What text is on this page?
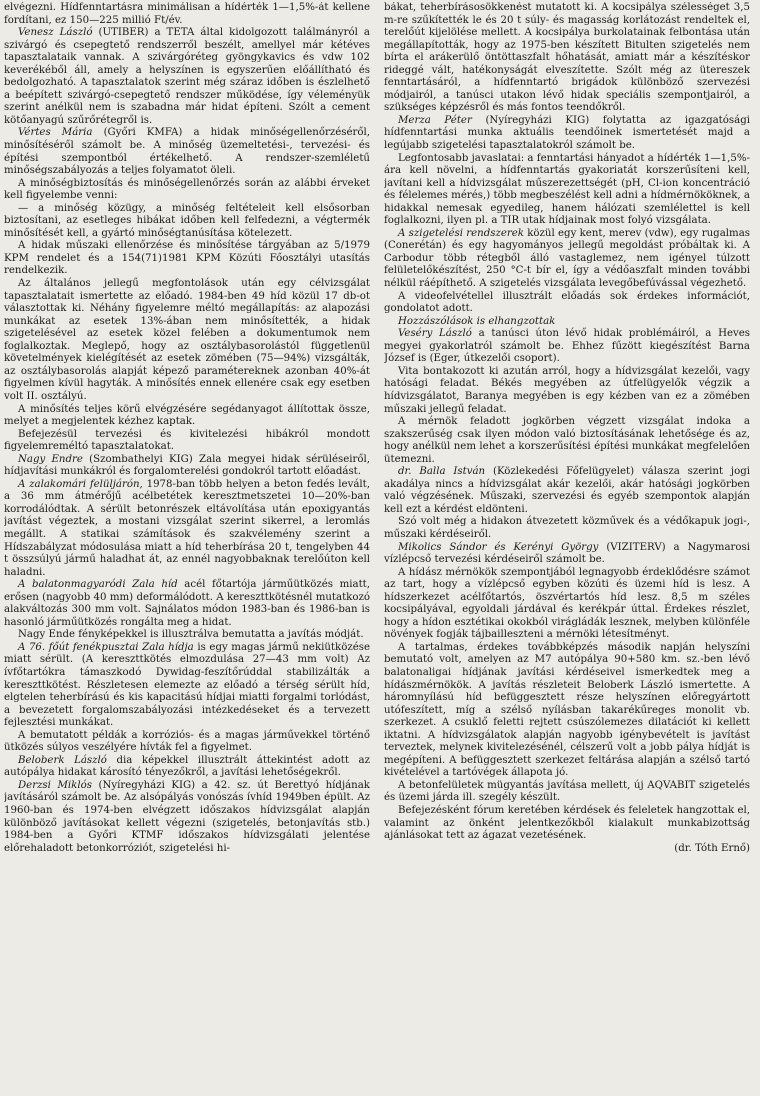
elvégezni. Hídfenntartásra minimálisan a hídérték 1—1,5%-át kellene fordítani, ez 150—225 millió Ft/év.

Venesz László (UTIBER) a TETA által kidolgozott találmányról a szivárgó és csepegtető rendszerről beszélt, amellyel már kétéves tapasztalataik vannak. A szivárgóréteg gyöngykavics és vdw 102 keverékéből áll, amely a helyszínen is egyszerűen előállítható és bedolgozható. A tapasztalatok szerint még száraz időben is észlelhető a beépített szivárgó-csepegtető rendszer működése, így véleményük szerint anélkül nem is szabadna már hidat építeni. Szólt a cement kötőanyagú szűrőrétegről is.

Vértes Mária (Győri KMFA) a hidak minőségellenőrzéséről, minősítéséről számolt be. A minőség üzemeltetési-, tervezési- és építési szempontból értékelhető. A rendszer-szemléletű minőségszabályozás a teljes folyamatot öleli.

A minőségbiztosítás és minőségellenőrzés során az alábbi érveket kell figyelembe venni:

— a minőség közügy, a minőség feltételeit kell elsősorban biztosítani, az esetleges hibákat időben kell felfedezni, a végtermék minősítését kell, a gyártó minőségtanúsítása kötelezett.

A hidak műszaki ellenőrzése és minősítése tárgyában az 5/1979 KPM rendelet és a 154(71)1981 KPM Közúti Főosztályi utasítás rendelkezik.

Az általános jellegű megfontolások után egy célvizsgálat tapasztalatait ismertette az előadó. 1984-ben 49 híd közül 17 db-ot választottak ki. Néhány figyelemre méltó megállapítás: az alapozási munkákat az esetek 13%-ában nem minősítették, a hidak szigetelésével az esetek közel felében a dokumentumok nem foglalkoztak. Meglepő, hogy az osztálybasorolástól függetlenül követelmények kielégítését az esetek zömében (75—94%) vizsgálták, az osztálybasorolás alapját képező paramétereknek azonban 40%-át figyelmen kívül hagyták. A minősítés ennek ellenére csak egy esetben volt II. osztályú.

A minősítés teljes körű elvégzésére segédanyagot állítottak össze, melyet a megjelentek kézhez kaptak.

Befejezésül tervezési és kivitelezési hibákról mondott figyelemreméltó tapasztalatokat.

Nagy Endre (Szombathelyi KIG) Zala megyei hidak sérüléseiről, hídjavítási munkákról és forgalomterelési gondokról tartott előadást.

A zalakomári felüljárón, 1978-ban több helyen a beton fedés levált, a 36 mm átmérőjű acélbetétek keresztmetszetei 10—20%-ban korrodálódtak. A sérült betonrészek eltávolítása után epoxigyantás javítást végeztek, a mostani vizsgálat szerint sikerrel, a leromlás megállt. A statikai számítások és szakvélemény szerint a Hídszabályzat módosulása miatt a híd teherbírása 20 t, tengelyben 44 t összsúlyú jármű haladhat át, az ennél nagyobbaknak terelőúton kell haladni.

A balatonmagyaródi Zala híd acél főtartója járműütközés miatt, erősen (nagyobb 40 mm) deformálódott. A kereszttkötésnél mutatkozó alakváltozás 300 mm volt. Sajnálatos módon 1983-ban és 1986-ban is hasonló járműütközés rongálta meg a hidat.

Nagy Ende fényképekkel is illusztrálva bemutatta a javítás módját.

A 76. főút fenékpusztai Zala hídja is egy magas jármű nekiütközése miatt sérült. (A kereszttkötés elmozdulása 27—43 mm volt) Az ívfőtartókra támaszkodó Dywidag-feszítőrúddal stabilizálták a kereszttkötést. Részletesen elemezte az előadó a térség sérült híd, elgtelen teherbírású és kis kapacitású hídjai miatti forgalmi torlódást, a bevezetett forgalomszabályozási intézkedéseket és a tervezett fejlesztési munkákat.

A bemutatott példák a korróziós- és a magas járművekkel történő ütközés súlyos veszélyére hívták fel a figyelmet.

Beloberk László dia képekkel illusztrált áttekintést adott az autópálya hidakat károsító tényezőkről, a javítási lehetőségekről.

Derzsi Miklós (Nyíregyházi KIG) a 42. sz. út Berettyó hídjának javításáról számolt be. Az alsópályás vonószás ívhíd 1949ben épült. Az 1960-ban és 1974-ben elvégzett időszakos hídvizsgálat alapján különböző javításokat kellett végezni (szigetelés, betonjavítás stb.) 1984-ben a Győri KTMF időszakos hídvizsgálati jelentése előrehaladott betonkorróziót, szigetelési hi-

bákat, teherbírásosökkenést mutatott ki. A kocsipálya szélességet 3,5 m-re szűkítették le és 20 t súly- és magasság korlátozást rendeltek el, terelőút kijelölése mellett. A kocsipálya burkolatainak felbontása után megállapították, hogy az 1975-ben készített Bitulten szigetelés nem bírta el arákerülő öntöttaszfalt hőhatását, amiatt már a készítéskor rideggé vált, hatékonyságát elveszítette. Szólt még az ütereszek fenntartásáról, a hídfenntartó brigádok különböző szervezési módjairól, a tanúsci utakon lévő hidak speciális szempontjairól, a szükséges képzésről és más fontos teendőkről.

Merza Péter (Nyíregyházi KIG) folytatta az igazgatósági hídfenntartási munka aktuális teendőinek ismertetését majd a legújabb szigetelési tapasztalatokról számolt be.

Legfontosabb javaslatai: a fenntartási hányadot a hídérték 1—1,5%-ára kell növelni, a hídfenntartás gyakoriatát korszerűsíteni kell, javítani kell a hídvizsgálat műszerezettségét (pH, Cl-ion koncentráció és félelemes mérés,) több megbeszélést kell adni a hídmérnököknek, a hidakkal nemesak egyedileg, hanem hálózati szemlélettel is kell foglalkozni, ilyen pl. a TIR utak hídjainak most folyó vizsgálata.

A szigetelési rendszerek közül egy kent, merev (vdw), egy rugalmas (Conerétán) és egy hagyományos jellegű megoldást próbáltak ki. A Carbodur több rétegből álló vastaglemez, nem igényel túlzott felületelőkészítést, 250 °C-t bír el, így a védőaszfalt minden további nélkül ráépíthető. A szigetelés vizsgálata levegőbefúvással végezhető.

A videofelvétellel illusztrált előadás sok érdekes információt, gondolatot adott.

Hozzászólások is elhangzottak

Veséry László a tanúsci úton lévő hidak problémáiról, a Heves megyei gyakorlatról számolt be. Ehhez fűzött kiegészítést Barna József is (Eger, útkezelői csoport).

Vita bontakozott ki azután arról, hogy a hídvizsgálat kezelői, vagy hatósági feladat. Békés megyében az útfelügyelők végzik a hídvizsgálatot, Baranya megyében is egy kézben van ez a zömében műszaki jellegű feladat.

A mérnök feladott jogkörben végzett vizsgálat indoka a szakszerűség csak ilyen módon való biztosításának lehetősége és az, hogy anélkül nem lehet a korszerűsítési építési munkákat megfelelően ütemezni.

dr. Balla István (Közlekedési Főfelügyelet) válasza szerint jogi akadálya nincs a hídvizsgálat akár kezelői, akár hatósági jogkörben való végzésének. Műszaki, szervezési és egyéb szempontok alapján kell ezt a kérdést eldönteni.

Szó volt még a hidakon átvezetett közművek és a védőkapuk jogi-, műszaki kérdéseiről.

Mikolics Sándor és Kerényi György (VIZITERV) a Nagymarosi vízlépcső tervezési kérdéseiről számolt be.

A hídász mérnökök szempontjából legnagyobb érdeklődésre számot az tart, hogy a vízlépcső egyben közúti és üzemi híd is lesz. A hídszerkezet acélfőtartós, öszvértartós híd lesz. 8,5 m széles kocsipályával, egyoldali járdával és kerékpár úttal. Érdekes részlet, hogy a hídon esztétikai okokból virágládák lesznek, melyben különféle növények fogják tájbailleszteni a mérnöki létesítményt.

A tartalmas, érdekes továbbképzés második napján helyszíni bemutató volt, amelyen az M7 autópálya 90+580 km. sz.-ben lévő balatonaligai hídjának javítási kérdéseivel ismerkedtek meg a hídászmérnökök. A javítás részleteit Beloberk László ismertette. A háromnyílású híd befüggesztett része helyszínen előregyártott utófeszített, míg a szélső nyílásban takarékűreges monolit vb. szerkezet. A csuklő feletti rejtett csúszólemezes dilatációt ki kellett iktatni. A hídvizsgálatok alapján nagyobb igénybevételt is javítást terveztek, melynek kivitelezésénél, célszerű volt a jobb pálya hídját is megépíteni. A befüggesztett szerkezet feltárása alapján a szélső tartó kivételével a tartóvégek állapota jó.

A betonfelületek mügyantás javítása mellett, új AQVABIT szigetelés és üzemi járda ill. szegély készült.

Befejezésként fórum keretében kérdések és feleletek hangzottak el, valamint az önként jelentkezőkből kialakult munkabizottság ajánlásokat tett az ágazat vezetésének.
(dr. Tóth Ernő)
